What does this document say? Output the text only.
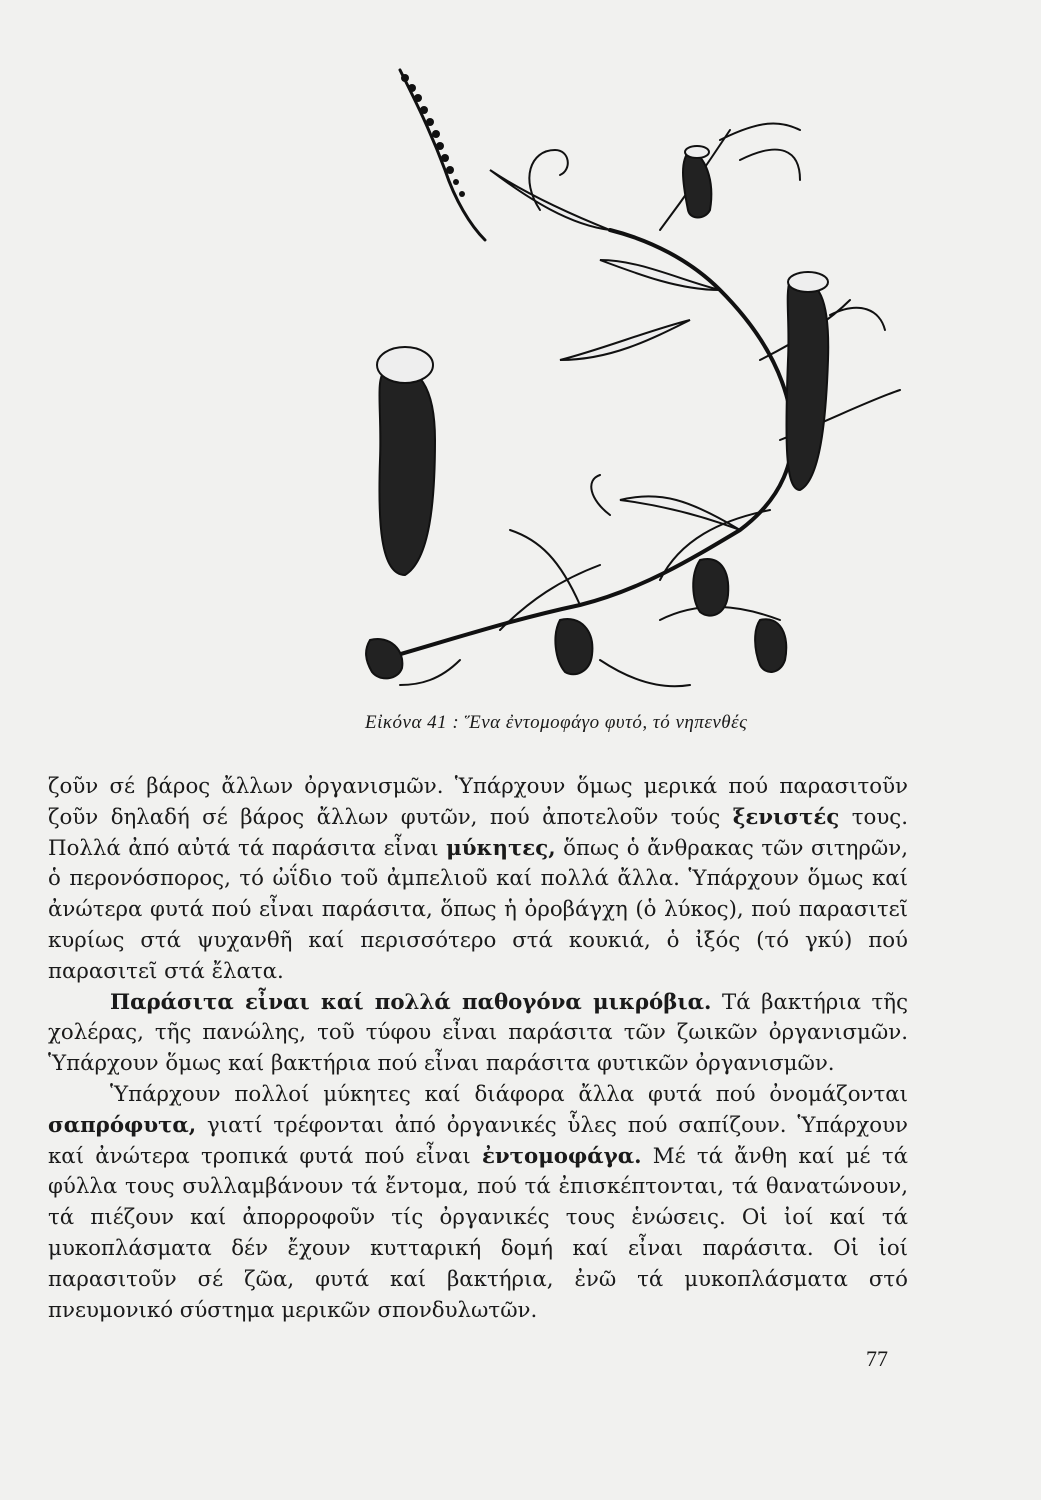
Εἰκόνα 41 : Ἕνα ἐντομοφάγο φυτό, τό νηπενθές

ζοῦν σέ βάρος ἄλλων ὀργανισμῶν. Ὑπάρχουν ὅμως μερικά πού παρασιτοῦν ζοῦν δηλαδή σέ βάρος ἄλλων φυτῶν, πού ἀποτελοῦν τούς ξενιστές τους. Πολλά ἀπό αὐτά τά παράσιτα εἶναι μύκητες, ὅπως ὁ ἄνθρακας τῶν σιτηρῶν, ὁ περονόσπορος, τό ὠΐδιο τοῦ ἀμπελιοῦ καί πολλά ἄλλα. Ὑπάρχουν ὅμως καί ἀνώτερα φυτά πού εἶναι παράσιτα, ὅπως ἡ ὀροβάγχη (ὁ λύκος), πού παρασιτεῖ κυρίως στά ψυχανθῆ καί περισσότερο στά κουκιά, ὁ ἰξός (τό γκύ) πού παρασιτεῖ στά ἔλατα.

Παράσιτα εἶναι καί πολλά παθογόνα μικρόβια. Τά βακτήρια τῆς χολέρας, τῆς πανώλης, τοῦ τύφου εἶναι παράσιτα τῶν ζωικῶν ὀργανισμῶν. Ὑπάρχουν ὅμως καί βακτήρια πού εἶναι παράσιτα φυτικῶν ὀργανισμῶν.

Ὑπάρχουν πολλοί μύκητες καί διάφορα ἄλλα φυτά πού ὀνομάζονται σαπρόφυτα, γιατί τρέφονται ἀπό ὀργανικές ὗλες πού σαπίζουν. Ὑπάρχουν καί ἀνώτερα τροπικά φυτά πού εἶναι ἐντομοφάγα. Μέ τά ἄνθη καί μέ τά φύλλα τους συλλαμβάνουν τά ἔντομα, πού τά ἐπισκέπτονται, τά θανατώνουν, τά πιέζουν καί ἀπορροφοῦν τίς ὀργανικές τους ἑνώσεις. Οἱ ἰοί καί τά μυκοπλάσματα δέν ἔχουν κυτταρική δομή καί εἶναι παράσιτα. Οἱ ἰοί παρασιτοῦν σέ ζῶα, φυτά καί βακτήρια, ἐνῶ τά μυκοπλάσματα στό πνευμονικό σύστημα μερικῶν σπονδυλωτῶν.

77
